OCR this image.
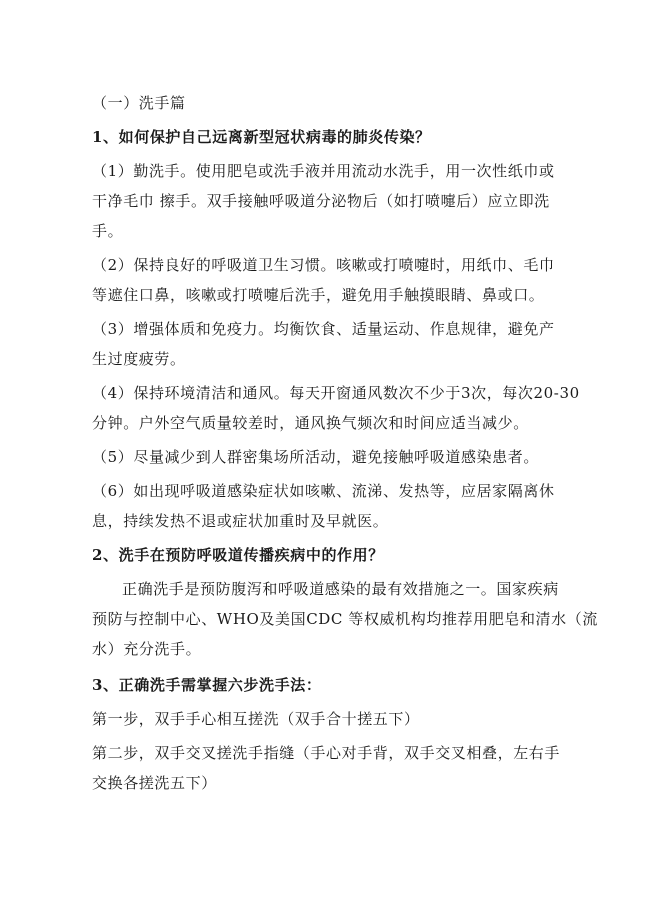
（一）洗手篇
1、如何保护自己远离新型冠状病毒的肺炎传染？
（1）勤洗手。使用肥皂或洗手液并用流动水洗手，用一次性纸巾或
干净毛巾 擦手。双手接触呼吸道分泌物后（如打喷嚏后）应立即洗
手。
（2）保持良好的呼吸道卫生习惯。咳嗽或打喷嚏时，用纸巾、毛巾
等遮住口鼻，咳嗽或打喷嚏后洗手，避免用手触摸眼睛、鼻或口。
（3）增强体质和免疫力。均衡饮食、适量运动、作息规律，避免产
生过度疲劳。
（4）保持环境清洁和通风。每天开窗通风数次不少于3次，每次20-30
分钟。户外空气质量较差时，通风换气频次和时间应适当减少。
（5）尽量减少到人群密集场所活动，避免接触呼吸道感染患者。
（6）如出现呼吸道感染症状如咳嗽、流涕、发热等，应居家隔离休
息，持续发热不退或症状加重时及早就医。
2、洗手在预防呼吸道传播疾病中的作用？
正确洗手是预防腹泻和呼吸道感染的最有效措施之一。国家疾病
预防与控制中心、WHO及美国CDC 等权威机构均推荐用肥皂和清水（流
水）充分洗手。
3、正确洗手需掌握六步洗手法：
第一步，双手手心相互搓洗（双手合十搓五下）
第二步，双手交叉搓洗手指缝（手心对手背，双手交叉相叠，左右手
交换各搓洗五下）
